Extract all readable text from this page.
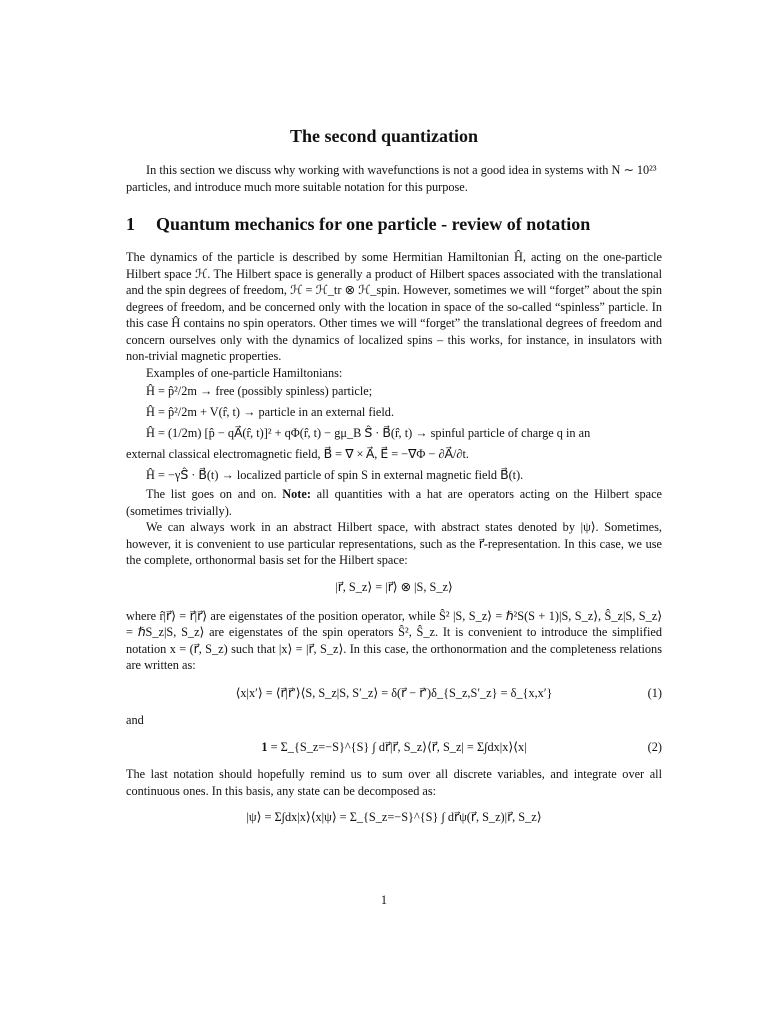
The second quantization

In this section we discuss why working with wavefunctions is not a good idea in systems with N ∼ 10²³ particles, and introduce much more suitable notation for this purpose.

1 Quantum mechanics for one particle - review of notation

The dynamics of the particle is described by some Hermitian Hamiltonian Ĥ, acting on the one-particle Hilbert space ℋ. The Hilbert space is generally a product of Hilbert spaces associated with the translational and the spin degrees of freedom, ℋ = ℋ_tr ⊗ ℋ_spin. However, sometimes we will “forget” about the spin degrees of freedom, and be concerned only with the location in space of the so-called “spinless” particle. In this case Ĥ contains no spin operators. Other times we will “forget” the translational degrees of freedom and concern ourselves only with the dynamics of localized spins – this works, for instance, in insulators with non-trivial magnetic properties.

Examples of one-particle Hamiltonians:

Ĥ = p̂²/2m → free (possibly spinless) particle;

Ĥ = p̂²/2m + V(r̂, t) → particle in an external field.

Ĥ = (1/2m) [p̂ − qA⃗(r̂, t)]² + qΦ(r̂, t) − gμ_B Ŝ⃗ · B⃗(r̂, t) → spinful particle of charge q in an

external classical electromagnetic field, B⃗ = ∇ × A⃗, E⃗ = −∇Φ − ∂A⃗/∂t.

Ĥ = −γŜ⃗ · B⃗(t) → localized particle of spin S in external magnetic field B⃗(t).

The list goes on and on. Note: all quantities with a hat are operators acting on the Hilbert space (sometimes trivially).

We can always work in an abstract Hilbert space, with abstract states denoted by |ψ⟩. Sometimes, however, it is convenient to use particular representations, such as the r⃗-representation. In this case, we use the complete, orthonormal basis set for the Hilbert space:

|r⃗, S_z⟩ = |r⃗⟩ ⊗ |S, S_z⟩

where r̂|r⃗⟩ = r⃗|r⃗⟩ are eigenstates of the position operator, while Ŝ² |S, S_z⟩ = ℏ²S(S + 1)|S, S_z⟩, Ŝ_z|S, S_z⟩ = ℏS_z|S, S_z⟩ are eigenstates of the spin operators Ŝ², Ŝ_z. It is convenient to introduce the simplified notation x = (r⃗, S_z) such that |x⟩ = |r⃗, S_z⟩. In this case, the orthonormation and the completeness relations are written as:

⟨x|x′⟩ = ⟨r⃗|r⃗′⟩⟨S, S_z|S, S′_z⟩ = δ(r⃗ − r⃗′)δ_{S_z,S′_z} = δ_{x,x′}	(1)

and

1 = Σ_{S_z=−S}^{S} ∫ dr⃗|r⃗, S_z⟩⟨r⃗, S_z| = Σ∫dx|x⟩⟨x|	(2)

The last notation should hopefully remind us to sum over all discrete variables, and integrate over all continuous ones. In this basis, any state can be decomposed as:

|ψ⟩ = Σ∫dx|x⟩⟨x|ψ⟩ = Σ_{S_z=−S}^{S} ∫ dr⃗ψ(r⃗, S_z)|r⃗, S_z⟩

1
